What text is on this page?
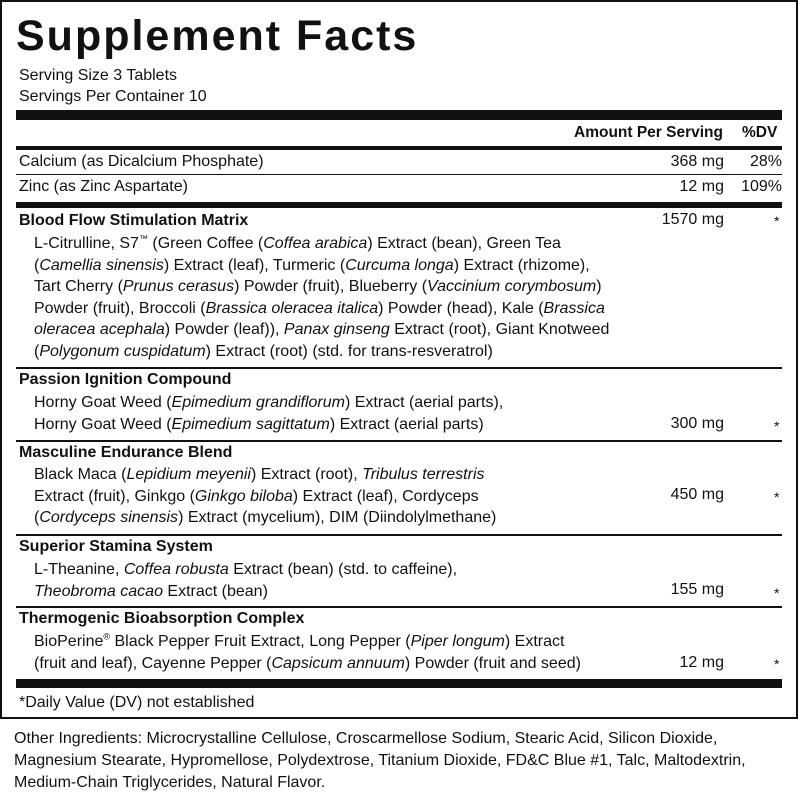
Supplement Facts
Serving Size 3 Tablets
Servings Per Container 10
Amount Per Serving %DV
Calcium (as Dicalcium Phosphate)	368 mg	28%
Zinc (as Zinc Aspartate)	12 mg	109%
Blood Flow Stimulation Matrix	1570 mg	*
L-Citrulline, S7™ (Green Coffee (Coffea arabica) Extract (bean), Green Tea
(Camellia sinensis) Extract (leaf), Turmeric (Curcuma longa) Extract (rhizome),
Tart Cherry (Prunus cerasus) Powder (fruit), Blueberry (Vaccinium corymbosum)
Powder (fruit), Broccoli (Brassica oleracea italica) Powder (head), Kale (Brassica
oleracea acephala) Powder (leaf)), Panax ginseng Extract (root), Giant Knotweed
(Polygonum cuspidatum) Extract (root) (std. for trans-resveratrol)
Passion Ignition Compound
Horny Goat Weed (Epimedium grandiflorum) Extract (aerial parts),
Horny Goat Weed (Epimedium sagittatum) Extract (aerial parts)	300 mg	*
Masculine Endurance Blend
Black Maca (Lepidium meyenii) Extract (root), Tribulus terrestris
Extract (fruit), Ginkgo (Ginkgo biloba) Extract (leaf), Cordyceps
(Cordyceps sinensis) Extract (mycelium), DIM (Diindolylmethane)
450 mg	*
Superior Stamina System
L-Theanine, Coffea robusta Extract (bean) (std. to caffeine),
Theobroma cacao Extract (bean)	155 mg	*
Thermogenic Bioabsorption Complex
BioPerine® Black Pepper Fruit Extract, Long Pepper (Piper longum) Extract
(fruit and leaf), Cayenne Pepper (Capsicum annuum) Powder (fruit and seed)	12 mg	*
*Daily Value (DV) not established
Other Ingredients: Microcrystalline Cellulose, Croscarmellose Sodium, Stearic Acid, Silicon Dioxide, Magnesium Stearate, Hypromellose, Polydextrose, Titanium Dioxide, FD&C Blue #1, Talc, Maltodextrin, Medium-Chain Triglycerides, Natural Flavor.
